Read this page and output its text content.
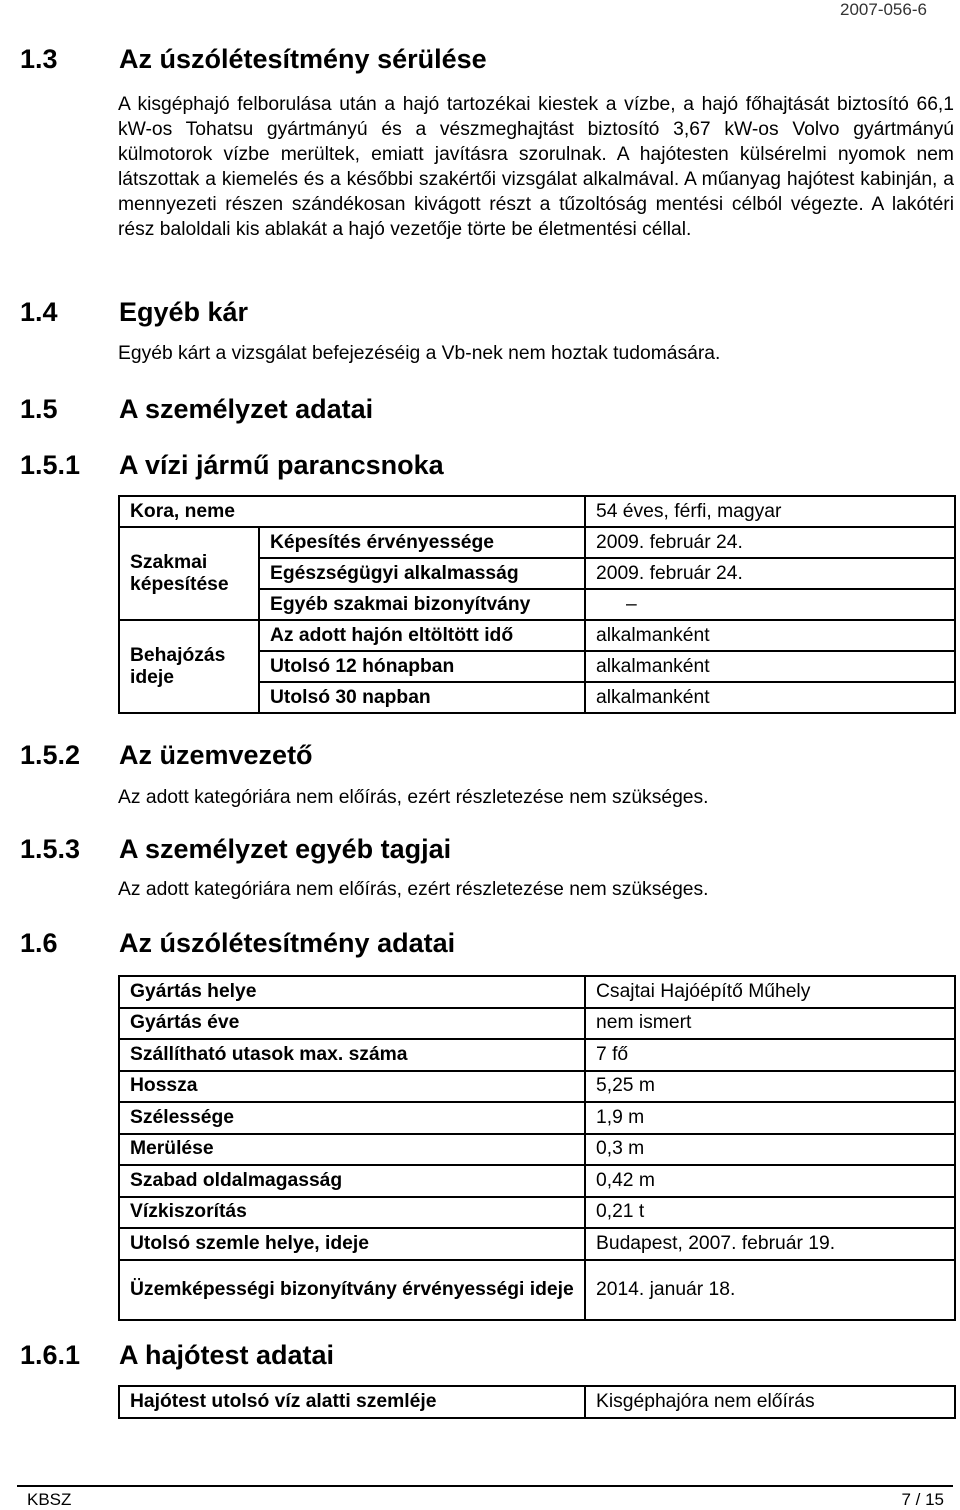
2007-056-6
1.3 Az úszólétesítmény sérülése
A kisgéphajó felborulása után a hajó tartozékai kiestek a vízbe, a hajó főhajtását biztosító 66,1 kW-os Tohatsu gyártmányú és a vészmeghajtást biztosító 3,67 kW-os Volvo gyártmányú külmotorok vízbe merültek, emiatt javításra szorulnak. A hajótesten külsérelmi nyomok nem látszottak a kiemelés és a későbbi szakértői vizsgálat alkalmával. A műanyag hajótest kabinján, a mennyezeti részen szándékosan kivágott részt a tűzoltóság mentési célból végezte. A lakótéri rész baloldali kis ablakát a hajó vezetője törte be életmentési céllal.
1.4 Egyéb kár
Egyéb kárt a vizsgálat befejezéséig a Vb-nek nem hoztak tudomására.
1.5 A személyzet adatai
1.5.1 A vízi jármű parancsnoka
Kora, neme		54 éves, férfi, magyar
Szakmai képesítése	Képesítés érvényessége	2009. február 24.
	Egészségügyi alkalmasság	2009. február 24.
	Egyéb szakmai bizonyítvány	–
Behajózás ideje	Az adott hajón eltöltött idő	alkalmanként
	Utolsó 12 hónapban	alkalmanként
	Utolsó 30 napban	alkalmanként
1.5.2 Az üzemvezető
Az adott kategóriára nem előírás, ezért részletezése nem szükséges.
1.5.3 A személyzet egyéb tagjai
Az adott kategóriára nem előírás, ezért részletezése nem szükséges.
1.6 Az úszólétesítmény adatai
Gyártás helye	Csajtai Hajóépítő Műhely
Gyártás éve	nem ismert
Szállítható utasok max. száma	7 fő
Hossza	5,25 m
Szélessége	1,9 m
Merülése	0,3 m
Szabad oldalmagasság	0,42 m
Vízkiszorítás	0,21 t
Utolsó szemle helye, ideje	Budapest, 2007. február 19.
Üzemképességi bizonyítvány érvényességi ideje	2014. január 18.
1.6.1 A hajótest adatai
Hajótest utolsó víz alatti szemléje	Kisgéphajóra nem előírás
KBSZ	7 / 15
